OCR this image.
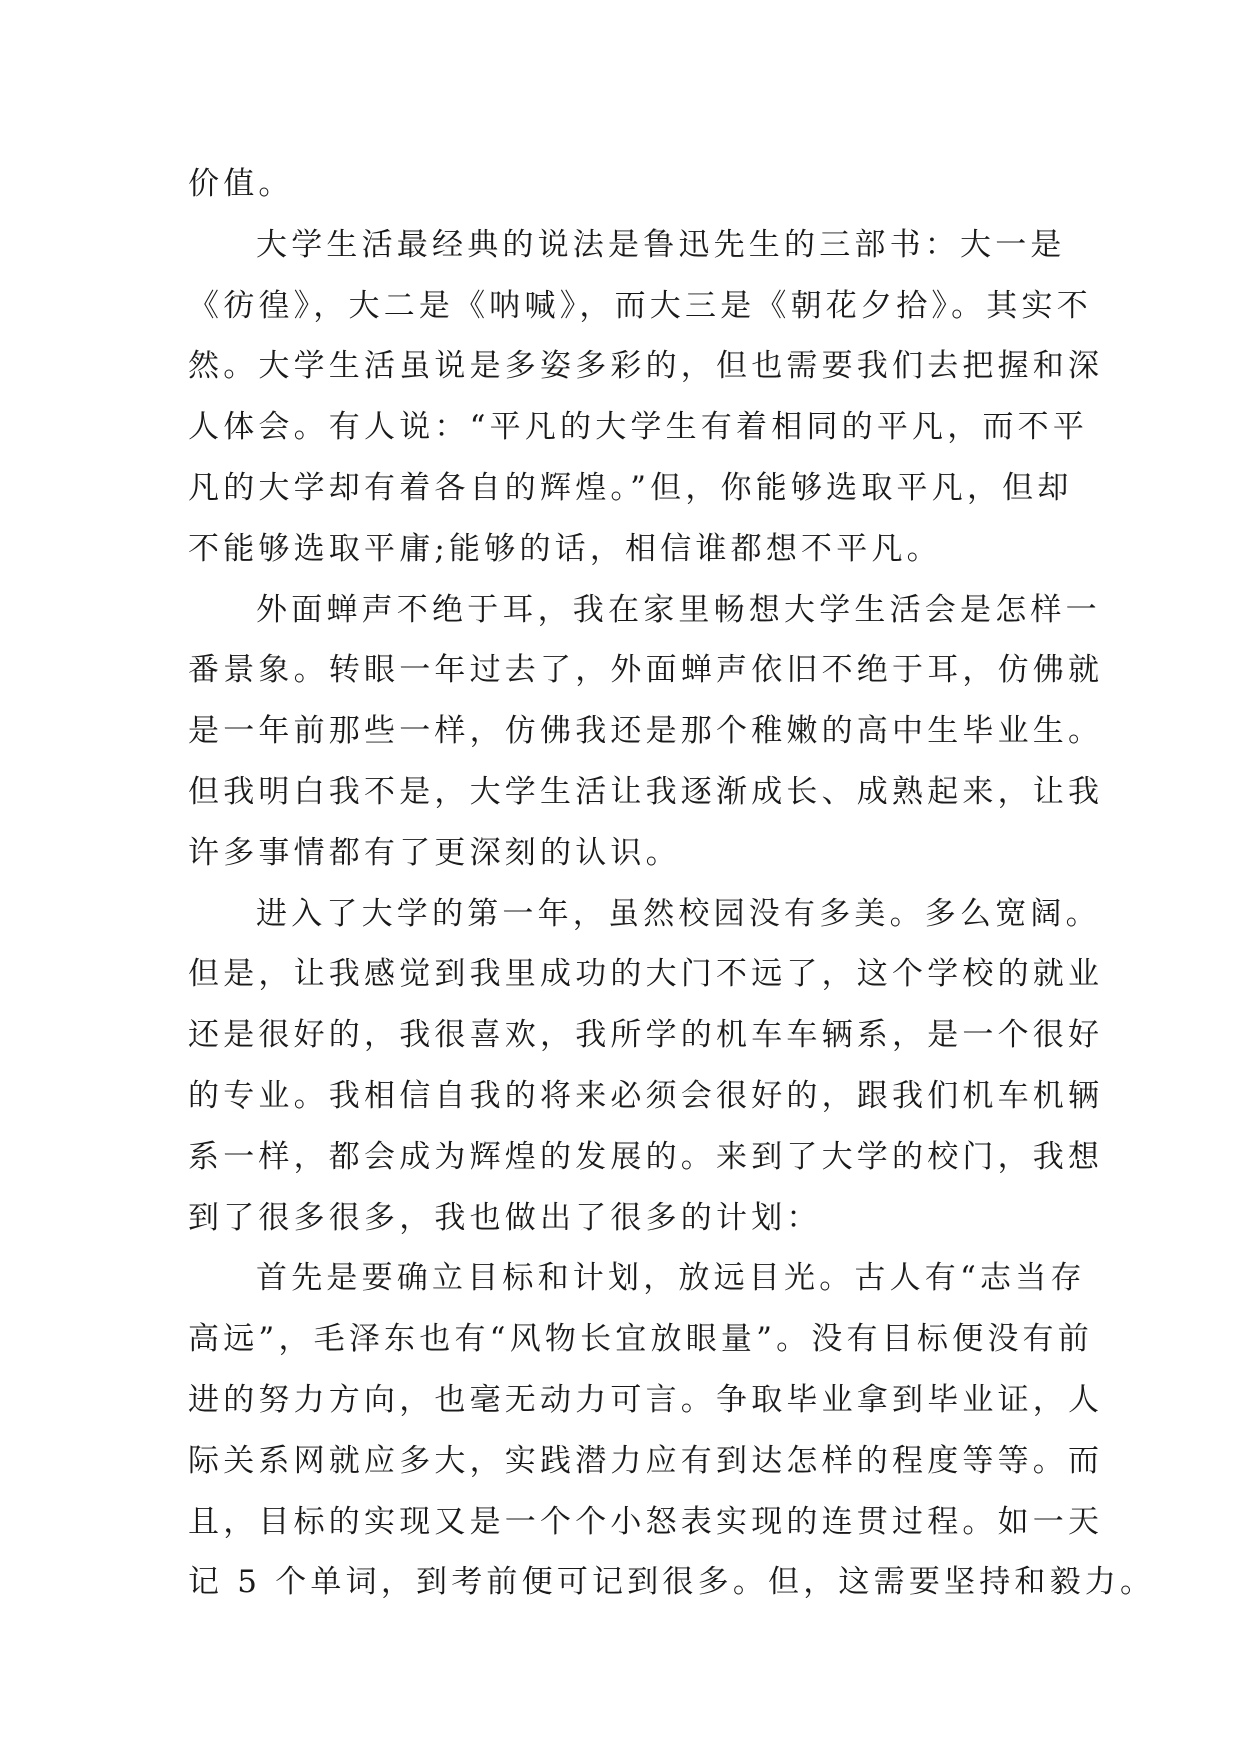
价值。
大学生活最经典的说法是鲁迅先生的三部书：大一是
《彷徨》，大二是《呐喊》，而大三是《朝花夕拾》。其实不
然。大学生活虽说是多姿多彩的，但也需要我们去把握和深
人体会。有人说：“平凡的大学生有着相同的平凡，而不平
凡的大学却有着各自的辉煌。”但，你能够选取平凡，但却
不能够选取平庸;能够的话，相信谁都想不平凡。
外面蝉声不绝于耳，我在家里畅想大学生活会是怎样一
番景象。转眼一年过去了，外面蝉声依旧不绝于耳，仿佛就
是一年前那些一样，仿佛我还是那个稚嫩的高中生毕业生。
但我明白我不是，大学生活让我逐渐成长、成熟起来，让我
许多事情都有了更深刻的认识。
进入了大学的第一年，虽然校园没有多美。多么宽阔。
但是，让我感觉到我里成功的大门不远了，这个学校的就业
还是很好的，我很喜欢，我所学的机车车辆系，是一个很好
的专业。我相信自我的将来必须会很好的，跟我们机车机辆
系一样，都会成为辉煌的发展的。来到了大学的校门，我想
到了很多很多，我也做出了很多的计划：
首先是要确立目标和计划，放远目光。古人有“志当存
高远”，毛泽东也有“风物长宜放眼量”。没有目标便没有前
进的努力方向，也毫无动力可言。争取毕业拿到毕业证，人
际关系网就应多大，实践潜力应有到达怎样的程度等等。而
且，目标的实现又是一个个小怒表实现的连贯过程。如一天
记 5 个单词，到考前便可记到很多。但，这需要坚持和毅力。
